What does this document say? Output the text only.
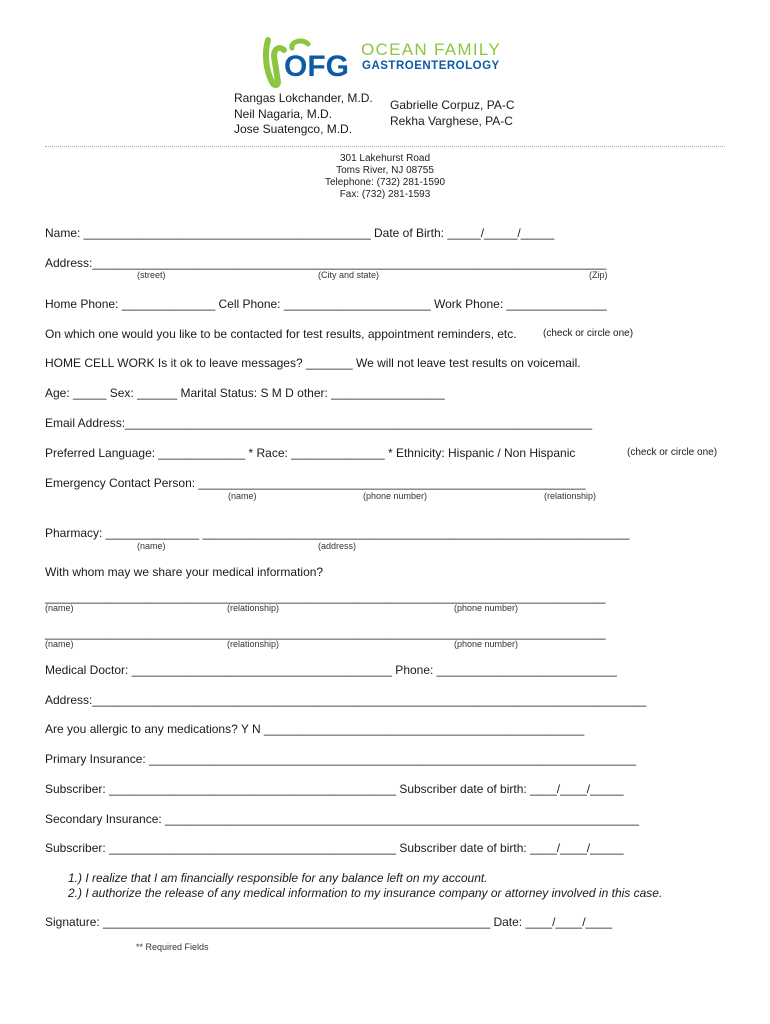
OFG
OCEAN FAMILY
GASTROENTEROLOGY
Rangas Lokchander, M.D.
Neil Nagaria, M.D.
Jose Suatengco, M.D.
Gabrielle Corpuz, PA-C
Rekha Varghese, PA-C
301 Lakehurst Road
Toms River, NJ 08755
Telephone: (732) 281-1590
Fax: (732) 281-1593
Name: ___________________________________________ Date of Birth: _____/_____/_____
Address:_____________________________________________________________________________
(street)	(City and state)	(Zip)
Home Phone: ______________ Cell Phone: ______________________ Work Phone: _______________
On which one would you like to be contacted for test results, appointment reminders, etc.	(check or circle one)
HOME CELL WORK Is it ok to leave messages? _______ We will not leave test results on voicemail.
Age: _____ Sex: ______ Marital Status: S M D other: _________________
Email Address:______________________________________________________________________
Preferred Language: _____________ * Race: ______________ * Ethnicity: Hispanic / Non Hispanic	(check or circle one)
Emergency Contact Person: __________________________________________________________
(name)	(phone number)	(relationship)
Pharmacy: ______________ ________________________________________________________________
(name)	(address)
With whom may we share your medical information?
____________________________________________________________________________________
(name)	(relationship)	(phone number)
____________________________________________________________________________________
(name)	(relationship)	(phone number)
Medical Doctor: _______________________________________ Phone: ___________________________
Address:___________________________________________________________________________________
Are you allergic to any medications? Y N ________________________________________________
Primary Insurance: _________________________________________________________________________
Subscriber: ___________________________________________ Subscriber date of birth: ____/____/_____
Secondary Insurance: _______________________________________________________________________
Subscriber: ___________________________________________ Subscriber date of birth: ____/____/_____
1.) I realize that I am financially responsible for any balance left on my account.
2.) I authorize the release of any medical information to my insurance company or attorney involved in this case.
Signature: __________________________________________________________ Date: ____/____/____
** Required Fields
